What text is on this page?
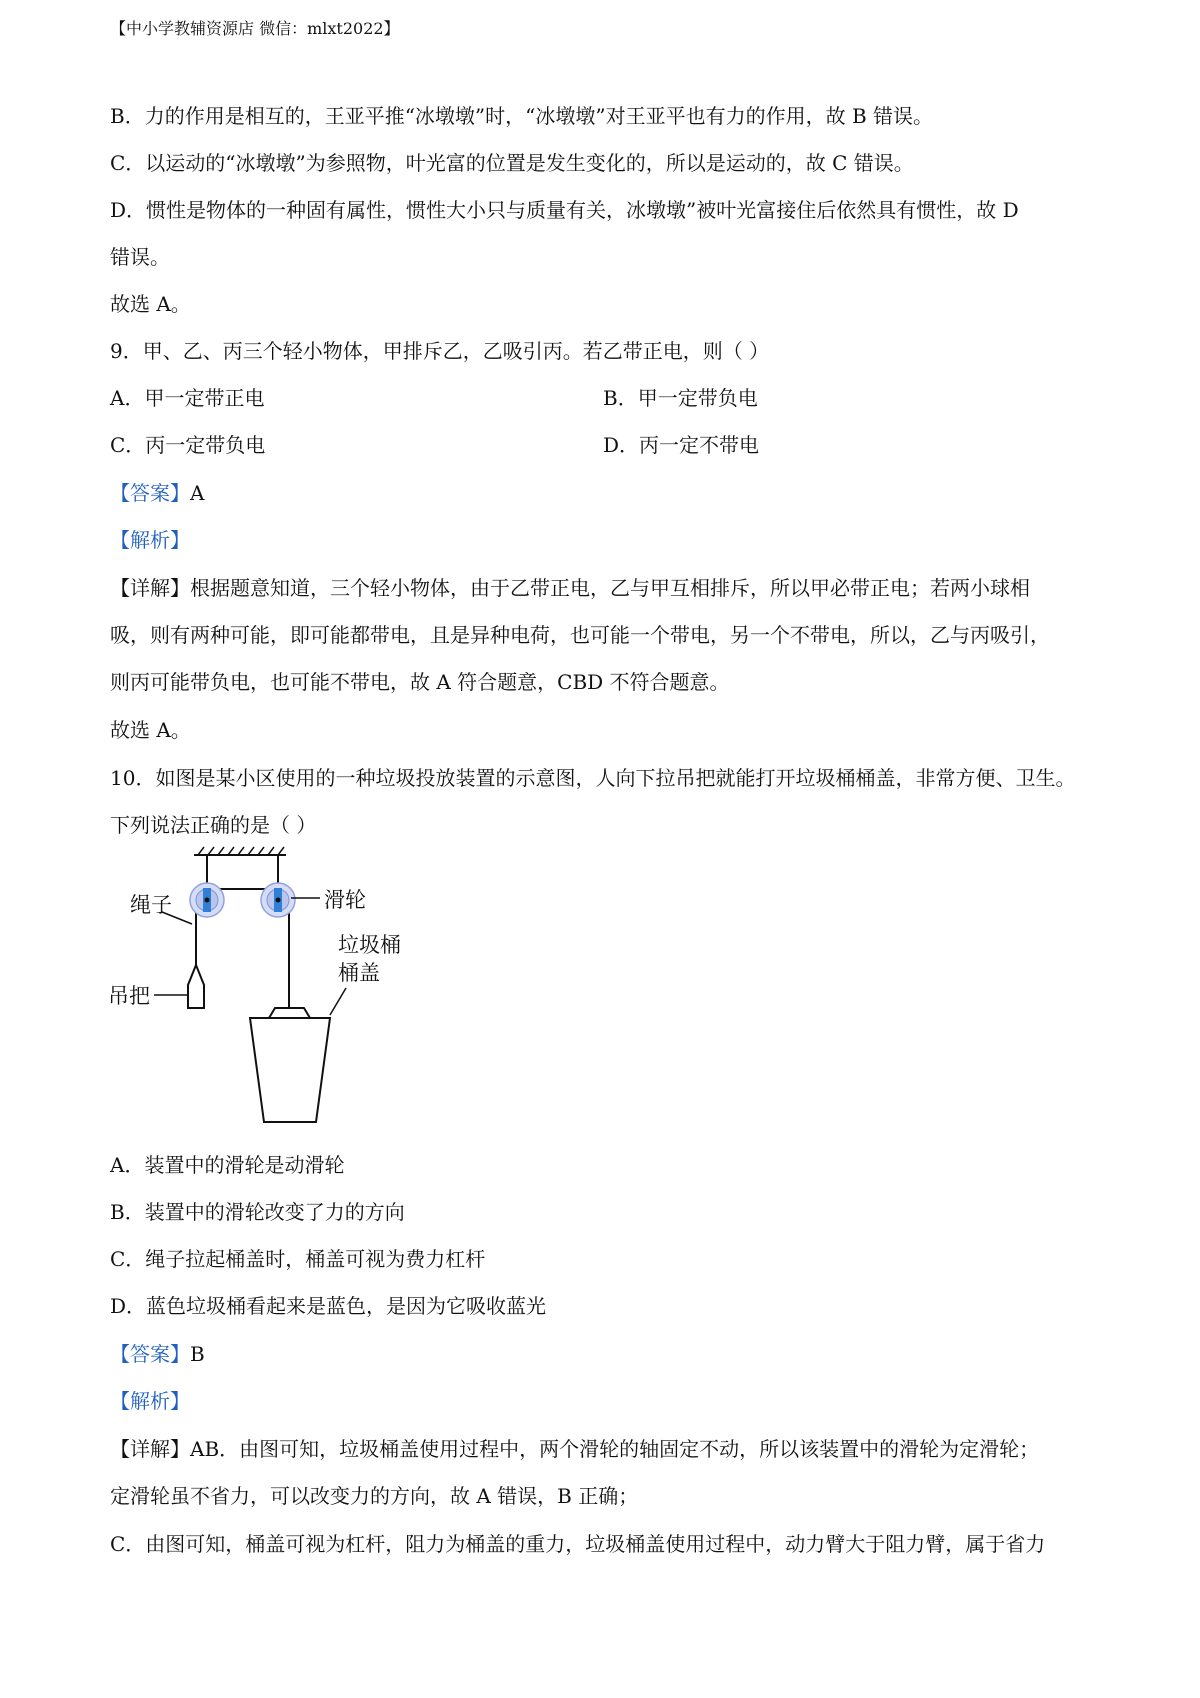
【中小学教辅资源店 微信：mlxt2022】
B．力的作用是相互的，王亚平推“冰墩墩”时，“冰墩墩”对王亚平也有力的作用，故 B 错误。
C．以运动的“冰墩墩”为参照物，叶光富的位置是发生变化的，所以是运动的，故 C 错误。
D．惯性是物体的一种固有属性，惯性大小只与质量有关，冰墩墩”被叶光富接住后依然具有惯性，故 D
错误。
故选 A。
9．甲、乙、丙三个轻小物体，甲排斥乙，乙吸引丙。若乙带正电，则（ ）
A．甲一定带正电	B．甲一定带负电
C．丙一定带负电	D．丙一定不带电
【答案】A
【解析】
【详解】根据题意知道，三个轻小物体，由于乙带正电，乙与甲互相排斥，所以甲必带正电；若两小球相
吸，则有两种可能，即可能都带电，且是异种电荷，也可能一个带电，另一个不带电，所以，乙与丙吸引，
则丙可能带负电，也可能不带电，故 A 符合题意，CBD 不符合题意。
故选 A。
10．如图是某小区使用的一种垃圾投放装置的示意图，人向下拉吊把就能打开垃圾桶桶盖，非常方便、卫生。
下列说法正确的是（ ）
绳子	滑轮
垃圾桶
桶盖
吊把
A．装置中的滑轮是动滑轮
B．装置中的滑轮改变了力的方向
C．绳子拉起桶盖时，桶盖可视为费力杠杆
D．蓝色垃圾桶看起来是蓝色，是因为它吸收蓝光
【答案】B
【解析】
【详解】AB．由图可知，垃圾桶盖使用过程中，两个滑轮的轴固定不动，所以该装置中的滑轮为定滑轮；
定滑轮虽不省力，可以改变力的方向，故 A 错误，B 正确；
C．由图可知，桶盖可视为杠杆，阻力为桶盖的重力，垃圾桶盖使用过程中，动力臂大于阻力臂，属于省力
